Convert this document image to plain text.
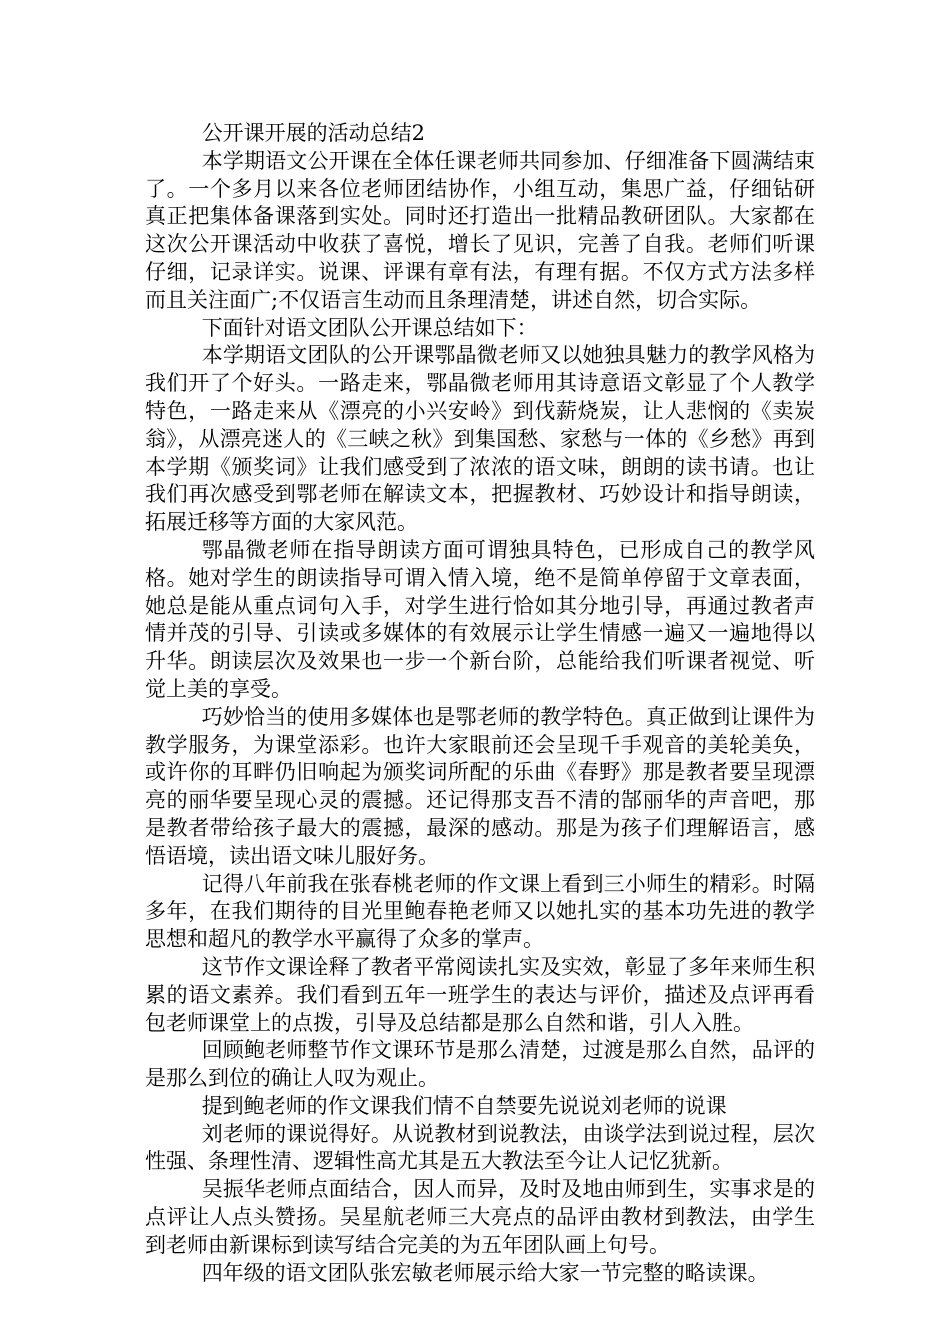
公开课开展的活动总结2

本学期语文公开课在全体任课老师共同参加、仔细准备下圆满结束了。一个多月以来各位老师团结协作，小组互动，集思广益，仔细钻研真正把集体备课落到实处。同时还打造出一批精品教研团队。大家都在这次公开课活动中收获了喜悦，增长了见识，完善了自我。老师们听课仔细，记录详实。说课、评课有章有法，有理有据。不仅方式方法多样而且关注面广;不仅语言生动而且条理清楚，讲述自然，切合实际。

下面针对语文团队公开课总结如下：

本学期语文团队的公开课鄂晶微老师又以她独具魅力的教学风格为我们开了个好头。一路走来，鄂晶微老师用其诗意语文彰显了个人教学特色，一路走来从《漂亮的小兴安岭》到伐薪烧炭，让人悲悯的《卖炭翁》，从漂亮迷人的《三峡之秋》到集国愁、家愁与一体的《乡愁》再到本学期《颁奖词》让我们感受到了浓浓的语文味，朗朗的读书请。也让我们再次感受到鄂老师在解读文本，把握教材、巧妙设计和指导朗读，拓展迁移等方面的大家风范。

鄂晶微老师在指导朗读方面可谓独具特色，已形成自己的教学风格。她对学生的朗读指导可谓入情入境，绝不是简单停留于文章表面，她总是能从重点词句入手，对学生进行恰如其分地引导，再通过教者声情并茂的引导、引读或多媒体的有效展示让学生情感一遍又一遍地得以升华。朗读层次及效果也一步一个新台阶，总能给我们听课者视觉、听觉上美的享受。

巧妙恰当的使用多媒体也是鄂老师的教学特色。真正做到让课件为教学服务，为课堂添彩。也许大家眼前还会呈现千手观音的美轮美奂，或许你的耳畔仍旧响起为颁奖词所配的乐曲《春野》那是教者要呈现漂亮的丽华要呈现心灵的震撼。还记得那支吾不清的郜丽华的声音吧，那是教者带给孩子最大的震撼，最深的感动。那是为孩子们理解语言，感悟语境，读出语文味儿服好务。

记得八年前我在张春桃老师的作文课上看到三小师生的精彩。时隔多年，在我们期待的目光里鲍春艳老师又以她扎实的基本功先进的教学思想和超凡的教学水平赢得了众多的掌声。

这节作文课诠释了教者平常阅读扎实及实效，彰显了多年来师生积累的语文素养。我们看到五年一班学生的表达与评价，描述及点评再看包老师课堂上的点拨，引导及总结都是那么自然和谐，引人入胜。

回顾鲍老师整节作文课环节是那么清楚，过渡是那么自然，品评的是那么到位的确让人叹为观止。

提到鲍老师的作文课我们情不自禁要先说说刘老师的说课

刘老师的课说得好。从说教材到说教法，由谈学法到说过程，层次性强、条理性清、逻辑性高尤其是五大教法至今让人记忆犹新。

吴振华老师点面结合，因人而异，及时及地由师到生，实事求是的点评让人点头赞扬。吴星航老师三大亮点的品评由教材到教法，由学生到老师由新课标到读写结合完美的为五年团队画上句号。

四年级的语文团队张宏敏老师展示给大家一节完整的略读课。
